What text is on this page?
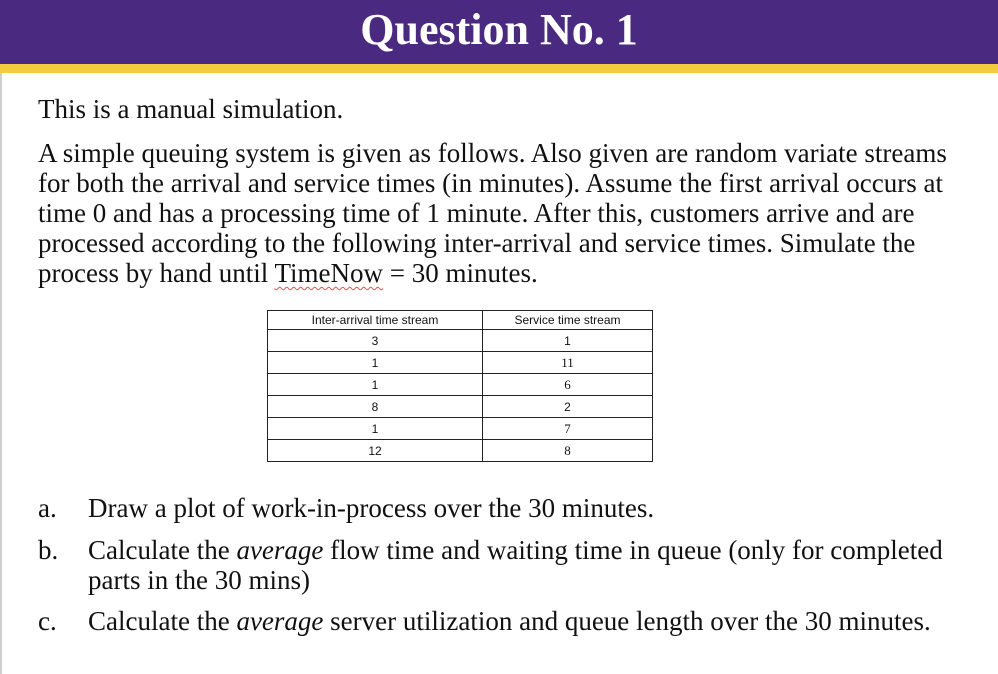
Question No. 1

This is a manual simulation.

A simple queuing system is given as follows. Also given are random variate streams for both the arrival and service times (in minutes). Assume the first arrival occurs at time 0 and has a processing time of 1 minute. After this, customers arrive and are processed according to the following inter-arrival and service times. Simulate the process by hand until TimeNow = 30 minutes.

Inter-arrival time stream	Service time stream
3	1
1	11
1	6
8	2
1	7
12	8
a. Draw a plot of work-in-process over the 30 minutes.
b. Calculate the average flow time and waiting time in queue (only for completed parts in the 30 mins)
c. Calculate the average server utilization and queue length over the 30 minutes.
